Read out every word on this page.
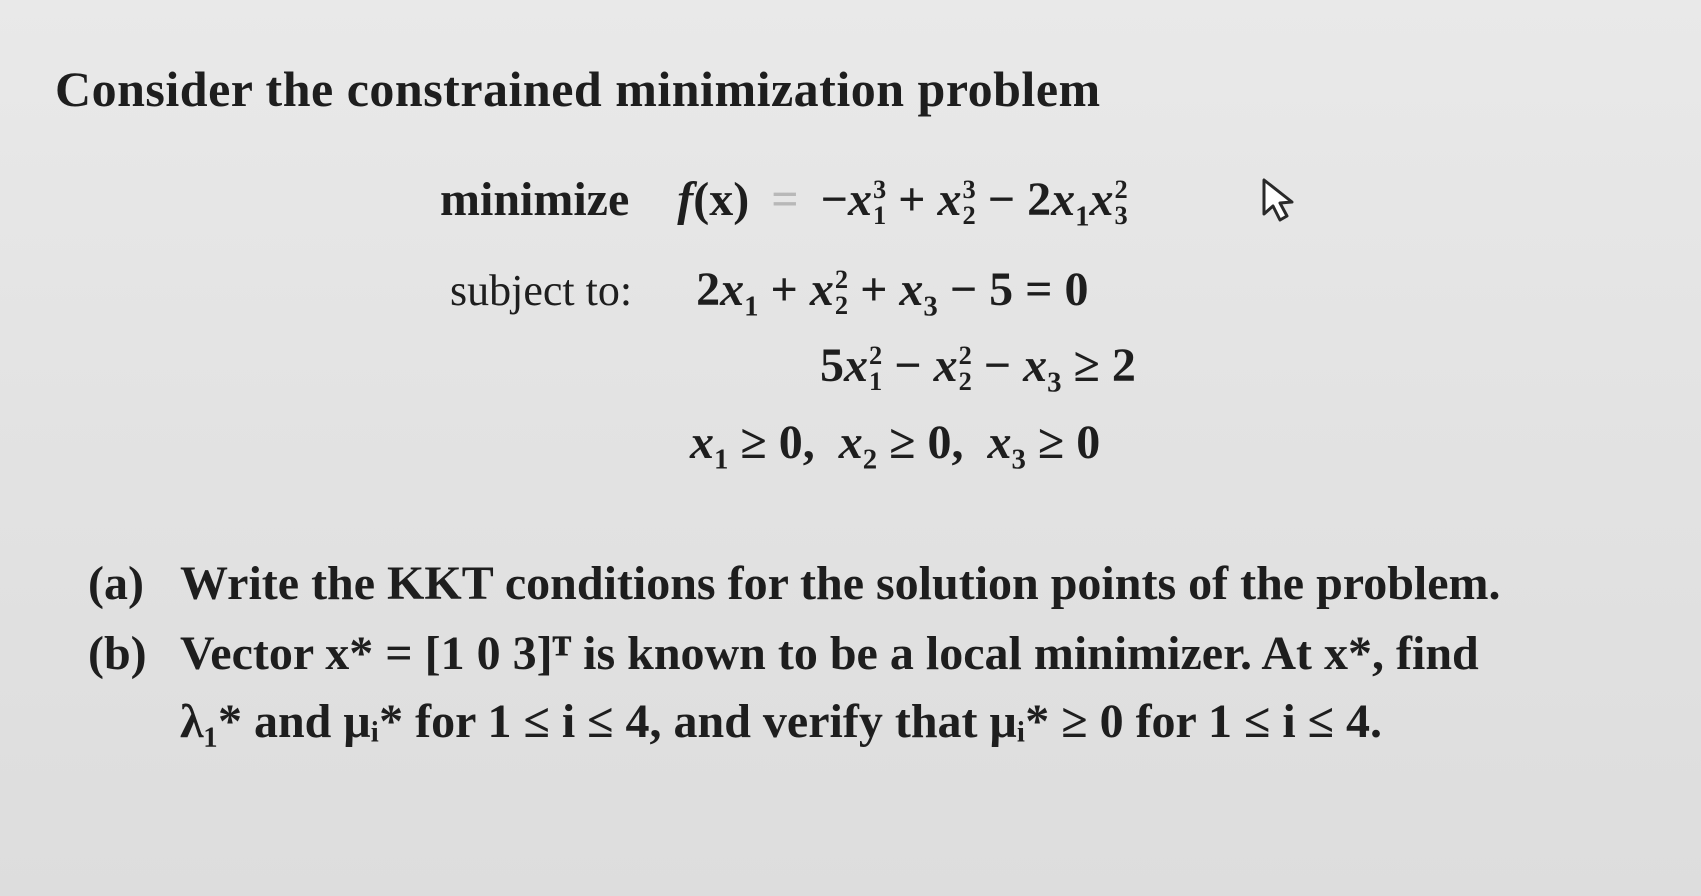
Consider the constrained minimization problem
minimize f(x) = −x 3
1 + x 3
$2 - 2x_1x$ 2
3
subject to:  $2x_1 + x$ 2
$2 + x_3 - 5 = 0$
5x 2
1 − x 2
$2 - x_3 \ge 2$
$x_1 \ge 0$,  $x_2 \ge 0$,  $x_3 \ge 0$
(a) Write the KKT conditions for the solution points of the problem.
(b) Vector x* = [1 0 3]ᵀ is known to be a local minimizer. At x*, find
λ₁* and μᵢ* for 1 ≤ i ≤ 4, and verify that μᵢ* ≥ 0 for 1 ≤ i ≤ 4.
